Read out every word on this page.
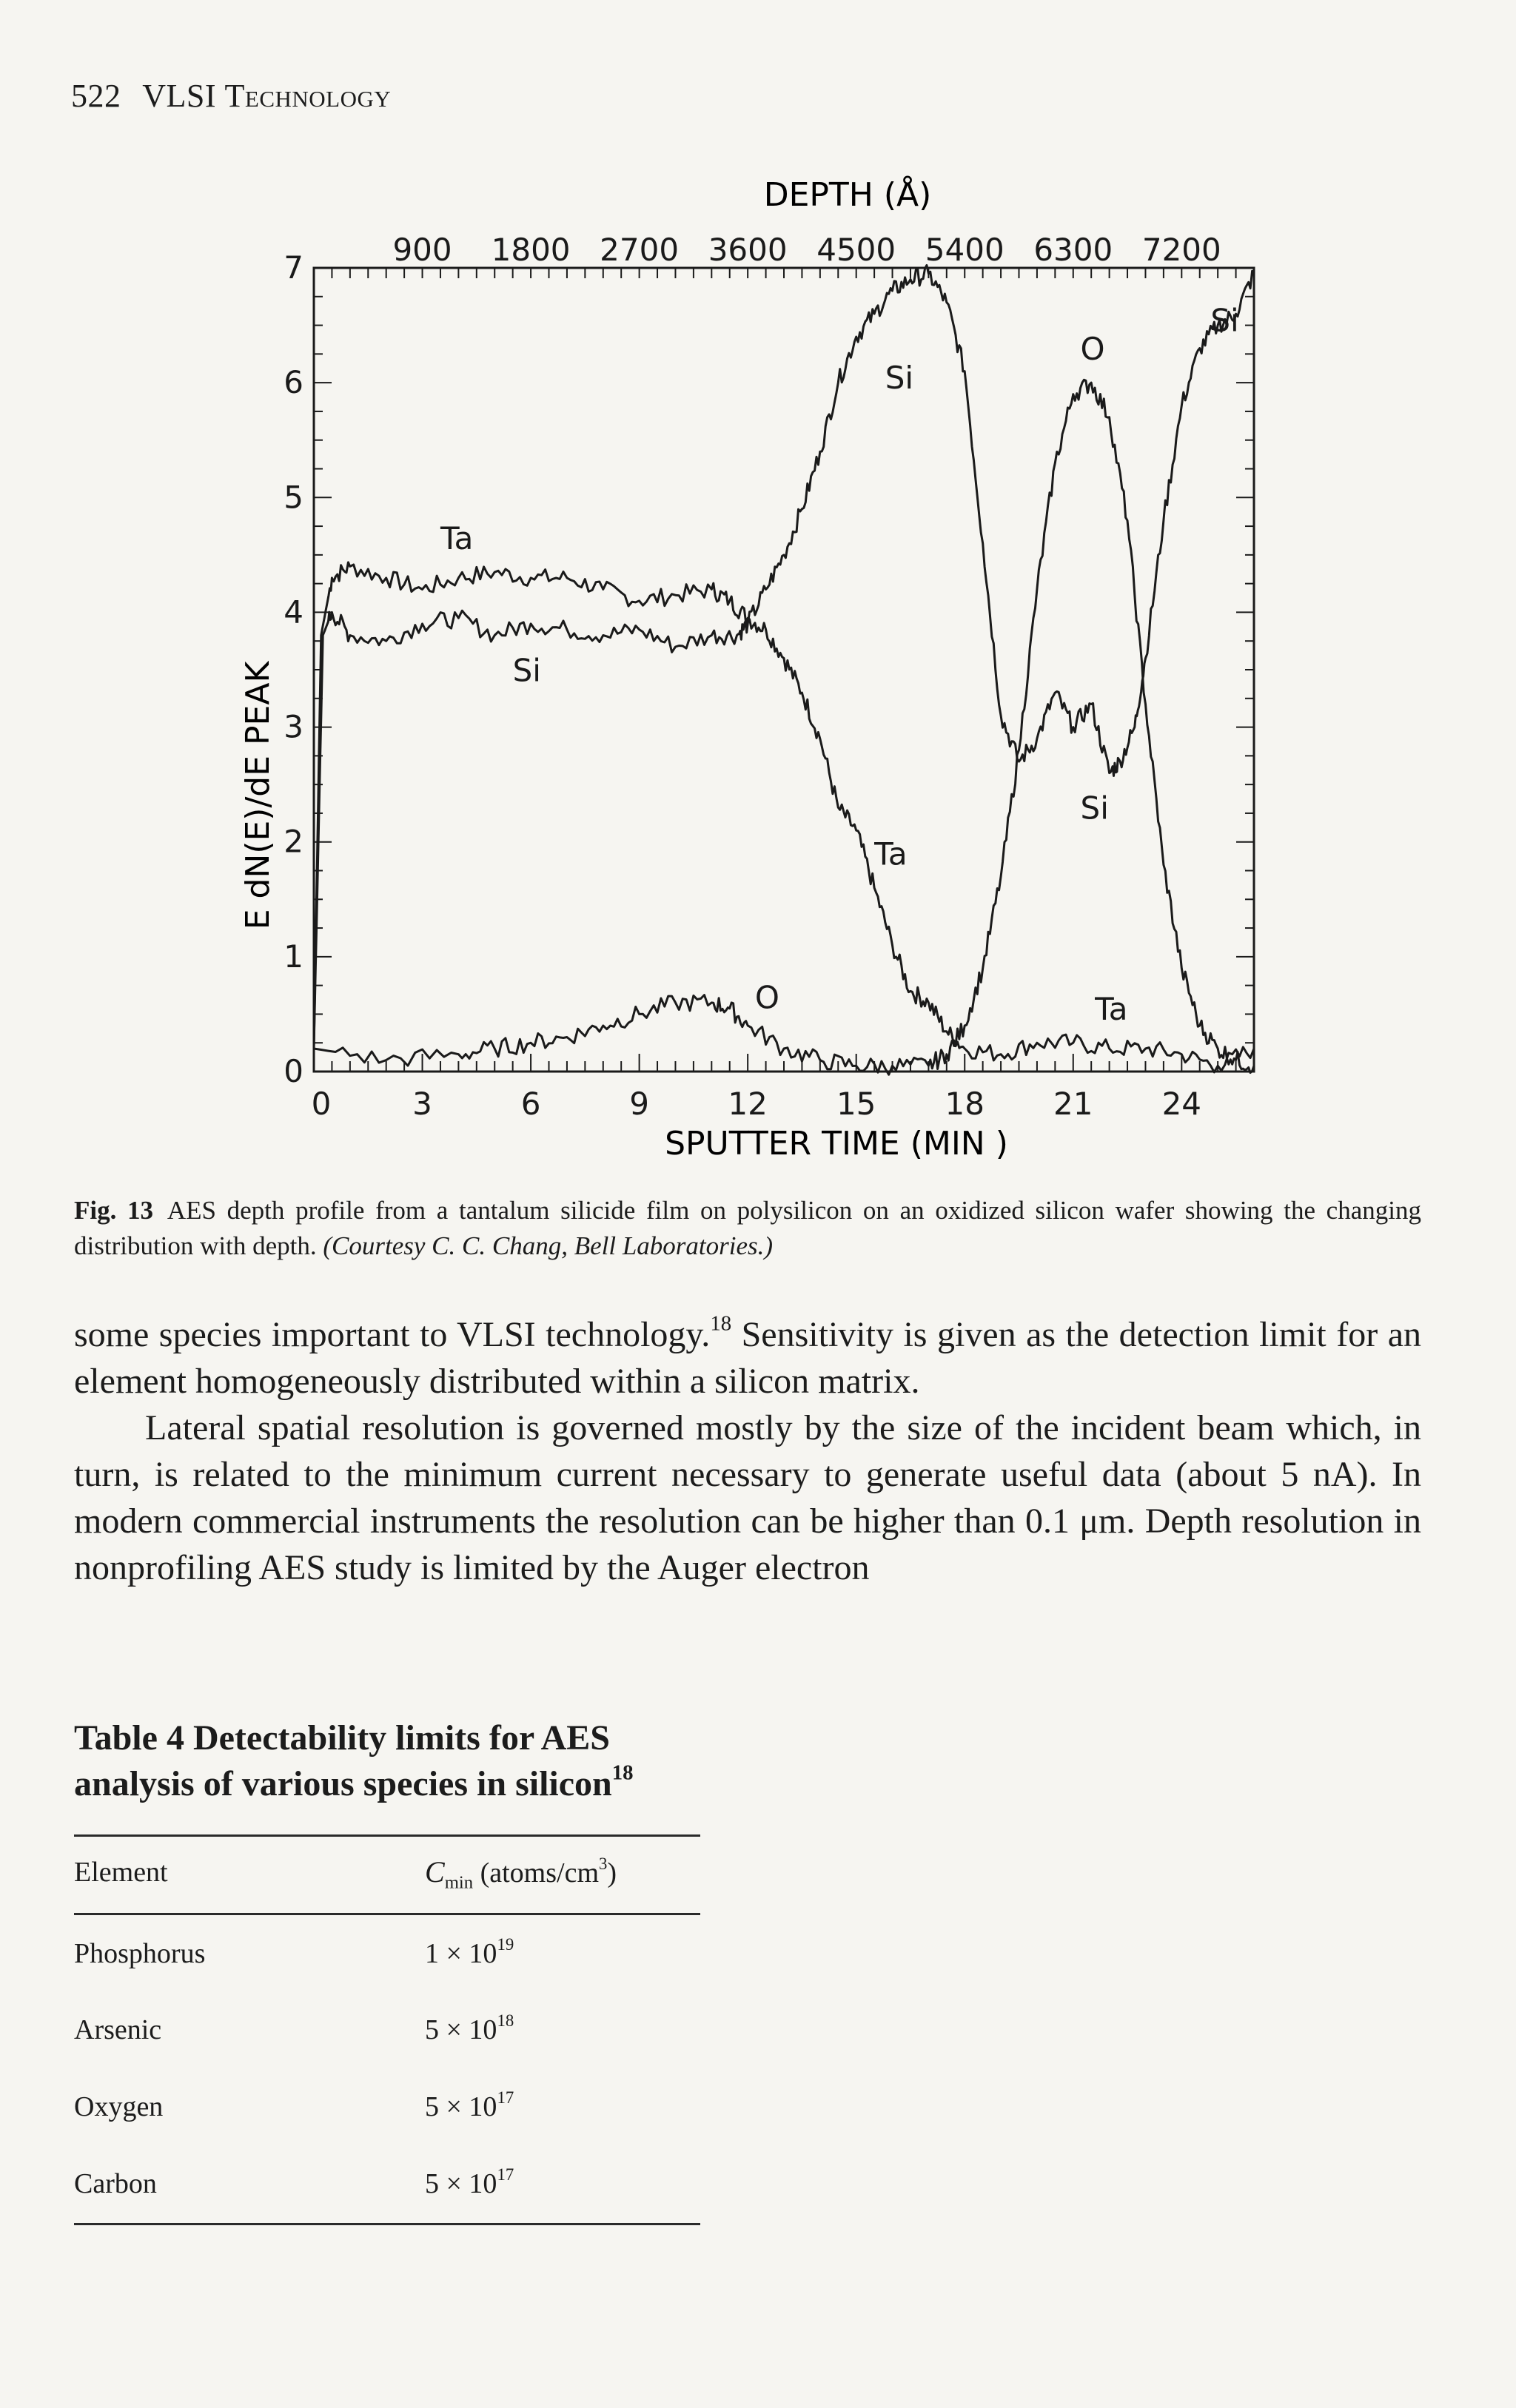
522 VLSI Technology
0	3	6	9	12 15 18 21 24
0
1
2
3
4
5
6
7	900 1800 2700 3600 4500 5400 6300 7200
Ta
Si
O
Si
Ta
O
Si
Ta
Si
DEPTH (Å)
SPUTTER TIME (MIN )
E dN(E)/dE PEAK
Fig. 13 AES depth profile from a tantalum silicide film on polysilicon on an oxidized silicon wafer showing the changing distribution with depth. (Courtesy C. C. Chang, Bell Laboratories.)

some species important to VLSI technology.$^{18}$ Sensitivity is given as the detection limit for an element homogeneously distributed within a silicon matrix.

Lateral spatial resolution is governed mostly by the size of the incident beam which, in turn, is related to the minimum current necessary to generate useful data (about 5 nA). In modern commercial instruments the resolution can be higher than 0.1 μm. Depth resolution in nonprofiling AES study is limited by the Auger electron

Table 4 Detectability limits for AES analysis of various species in silicon$^{18}$
Element	$C_{min}$ $(atoms/cm^3)$
Phosphorus	$1 \times 10^{19}$
Arsenic	$5 \times 10^{18}$
Oxygen	$5 \times 10^{17}$
Carbon	$5 \times 10^{17}$
